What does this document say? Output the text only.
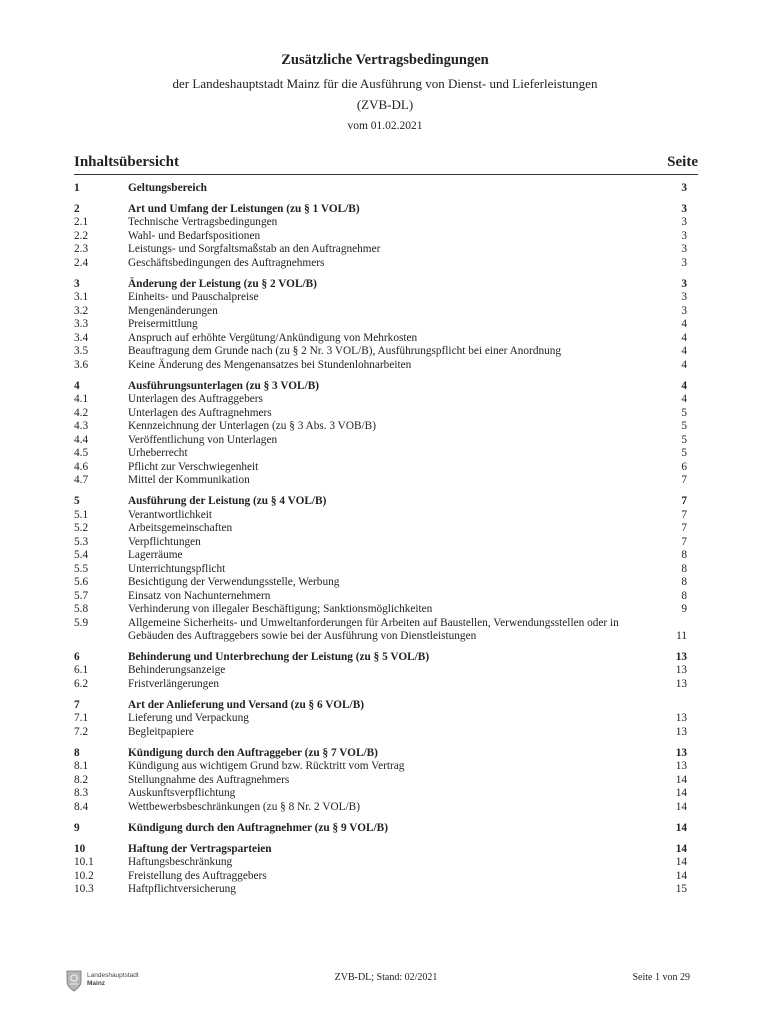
Zusätzliche Vertragsbedingungen
der Landeshauptstadt Mainz für die Ausführung von Dienst- und Lieferleistungen
(ZVB-DL)
vom 01.02.2021
Inhaltsübersicht	Seite
1	Geltungsbereich	3
2	Art und Umfang der Leistungen (zu § 1 VOL/B)	3
2.1	Technische Vertragsbedingungen	3
2.2	Wahl- und Bedarfspositionen	3
2.3	Leistungs- und Sorgfaltsmaßstab an den Auftragnehmer	3
2.4	Geschäftsbedingungen des Auftragnehmers	3
3	Änderung der Leistung (zu § 2 VOL/B)	3
3.1	Einheits- und Pauschalpreise	3
3.2	Mengenänderungen	3
3.3	Preisermittlung	4
3.4	Anspruch auf erhöhte Vergütung/Ankündigung von Mehrkosten	4
3.5	Beauftragung dem Grunde nach (zu § 2 Nr. 3 VOL/B), Ausführungspflicht bei einer Anordnung	4
3.6	Keine Änderung des Mengenansatzes bei Stundenlohnarbeiten	4
4	Ausführungsunterlagen (zu § 3 VOL/B)	4
4.1	Unterlagen des Auftraggebers	4
4.2	Unterlagen des Auftragnehmers	5
4.3	Kennzeichnung der Unterlagen (zu § 3 Abs. 3 VOB/B)	5
4.4	Veröffentlichung von Unterlagen	5
4.5	Urheberrecht	5
4.6	Pflicht zur Verschwiegenheit	6
4.7	Mittel der Kommunikation	7
5	Ausführung der Leistung (zu § 4 VOL/B)	7
5.1	Verantwortlichkeit	7
5.2	Arbeitsgemeinschaften	7
5.3	Verpflichtungen	7
5.4	Lagerräume	8
5.5	Unterrichtungspflicht	8
5.6	Besichtigung der Verwendungsstelle, Werbung	8
5.7	Einsatz von Nachunternehmern	8
5.8	Verhinderung von illegaler Beschäftigung; Sanktionsmöglichkeiten	9
5.9	Allgemeine Sicherheits- und Umweltanforderungen für Arbeiten auf Baustellen, Verwendungsstellen oder in Gebäuden des Auftraggebers sowie bei der Ausführung von Dienstleistungen	11
6	Behinderung und Unterbrechung der Leistung (zu § 5 VOL/B)	13
6.1	Behinderungsanzeige	13
6.2	Fristverlängerungen	13
7	Art der Anlieferung und Versand (zu § 6 VOL/B)
7.1	Lieferung und Verpackung	13
7.2	Begleitpapiere	13
8	Kündigung durch den Auftraggeber (zu § 7 VOL/B)	13
8.1	Kündigung aus wichtigem Grund bzw. Rücktritt vom Vertrag	13
8.2	Stellungnahme des Auftragnehmers	14
8.3	Auskunftsverpflichtung	14
8.4	Wettbewerbsbeschränkungen (zu § 8 Nr. 2 VOL/B)	14
9	Kündigung durch den Auftragnehmer (zu § 9 VOL/B)	14
10	Haftung der Vertragsparteien	14
10.1	Haftungsbeschränkung	14
10.2	Freistellung des Auftraggebers	14
10.3	Haftpflichtversicherung	15
Landeshauptstadt
Mainz	ZVB-DL; Stand: 02/2021	Seite 1 von 29
